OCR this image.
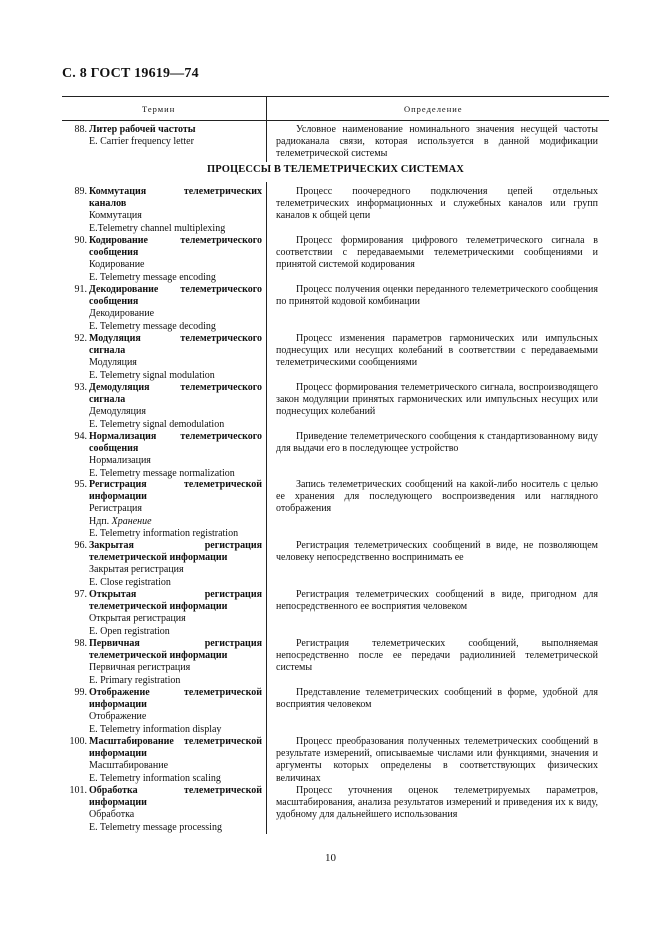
С. 8 ГОСТ 19619—74
Термин	Определение
ПРОЦЕССЫ В ТЕЛЕМЕТРИЧЕСКИХ СИСТЕМАХ
88. Литер рабочей частоты
E. Carrier frequency letter
Условное наименование номинального значения несущей частоты радиоканала связи, которая используется в данной модификации телеметрической системы
89. Коммутация телеметрических каналов
Коммутация
E.Telemetry channel multiplexing
Процесс поочередного подключения цепей отдельных телеметрических информационных и служебных каналов или групп каналов к общей цепи
90. Кодирование телеметрического сообщения
Кодирование
E. Telemetry message encoding
Процесс формирования цифрового телеметрического сигнала в соответствии с передаваемыми телеметрическими сообщениями и принятой системой кодирования
91. Декодирование телеметрического сообщения
Декодирование
E. Telemetry message decoding
Процесс получения оценки переданного телеметрического сообщения по принятой кодовой комбинации
92. Модуляция телеметрического сигнала
Модуляция
E. Telemetry signal modulation
Процесс изменения параметров гармонических или импульсных поднесущих или несущих колебаний в соответствии с передаваемыми телеметрическими сообщениями
93. Демодуляция телеметрического сигнала
Демодуляция
E. Telemetry signal demodulation
Процесс формирования телеметрического сигнала, воспроизводящего закон модуляции принятых гармонических или импульсных несущих или поднесущих колебаний
94. Нормализация телеметрического сообщения
Нормализация
E. Telemetry message normalization
Приведение телеметрического сообщения к стандартизованному виду для выдачи его в последующее устройство
95. Регистрация телеметрической информации
Регистрация
Ндп. Хранение
E. Telemetry information registration
Запись телеметрических сообщений на какой-либо носитель с целью ее хранения для последующего воспроизведения или наглядного отображения
96. Закрытая регистрация телеметрической информации
Закрытая регистрация
E. Close registration
Регистрация телеметрических сообщений в виде, не позволяющем человеку непосредственно воспринимать ее
97. Открытая регистрация телеметрической информации
Открытая регистрация
E. Open registration
Регистрация телеметрических сообщений в виде, пригодном для непосредственного ее восприятия человеком
98. Первичная регистрация телеметрической информации
Первичная регистрация
E. Primary registration
Регистрация телеметрических сообщений, выполняемая непосредственно после ее передачи радиолинией телеметрической системы
99. Отображение телеметрической информации
Отображение
E. Telemetry information display
Представление телеметрических сообщений в форме, удобной для восприятия человеком
100. Масштабирование телеметрической информации
Масштабирование
E. Telemetry information scaling
Процесс преобразования полученных телеметрических сообщений в результате измерений, описываемые числами или функциями, значения и аргументы которых определены в соответствующих физических величинах
101. Обработка телеметрической информации
Обработка
E. Telemetry message processing
Процесс уточнения оценок телеметрируемых параметров, масштабирования, анализа результатов измерений и приведения их к виду, удобному для дальнейшего использования
10
